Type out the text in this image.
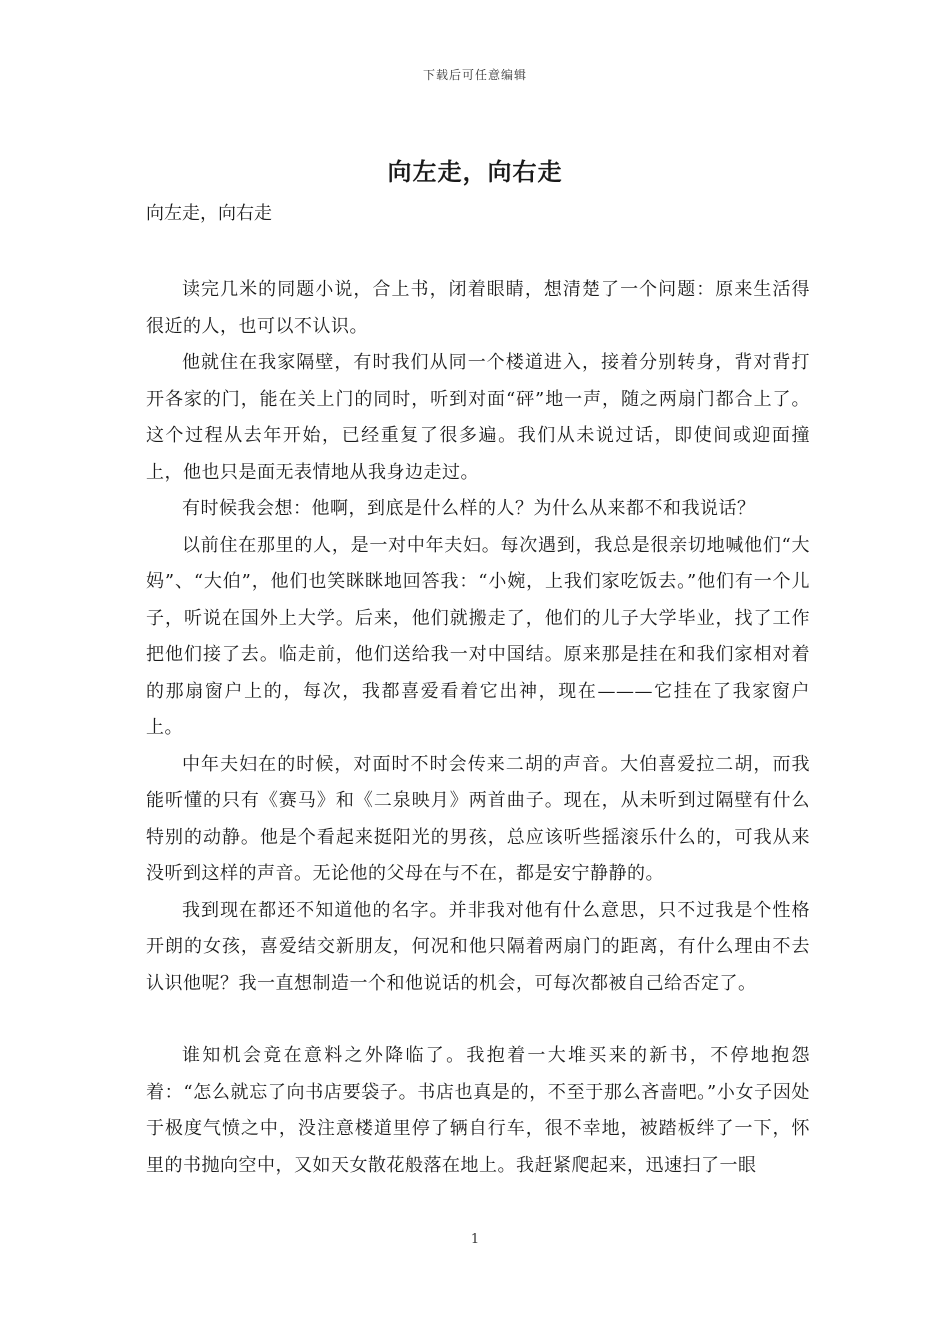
下载后可任意编辑
向左走，向右走
向左走，向右走

读完几米的同题小说，合上书，闭着眼睛，想清楚了一个问题：原来生活得很近的人，也可以不认识。

他就住在我家隔壁，有时我们从同一个楼道进入，接着分别转身，背对背打开各家的门，能在关上门的同时，听到对面“砰”地一声，随之两扇门都合上了。这个过程从去年开始，已经重复了很多遍。我们从未说过话，即使间或迎面撞上，他也只是面无表情地从我身边走过。

有时候我会想：他啊，到底是什么样的人？为什么从来都不和我说话？

以前住在那里的人，是一对中年夫妇。每次遇到，我总是很亲切地喊他们“大妈”、“大伯”，他们也笑眯眯地回答我：“小婉，上我们家吃饭去。”他们有一个儿子，听说在国外上大学。后来，他们就搬走了，他们的儿子大学毕业，找了工作把他们接了去。临走前，他们送给我一对中国结。原来那是挂在和我们家相对着的那扇窗户上的，每次，我都喜爱看着它出神，现在———它挂在了我家窗户上。

中年夫妇在的时候，对面时不时会传来二胡的声音。大伯喜爱拉二胡，而我能听懂的只有《赛马》和《二泉映月》两首曲子。现在，从未听到过隔壁有什么特别的动静。他是个看起来挺阳光的男孩，总应该听些摇滚乐什么的，可我从来没听到这样的声音。无论他的父母在与不在，都是安宁静静的。

我到现在都还不知道他的名字。并非我对他有什么意思，只不过我是个性格开朗的女孩，喜爱结交新朋友，何况和他只隔着两扇门的距离，有什么理由不去认识他呢？我一直想制造一个和他说话的机会，可每次都被自己给否定了。

谁知机会竟在意料之外降临了。我抱着一大堆买来的新书，不停地抱怨着：“怎么就忘了向书店要袋子。书店也真是的，不至于那么吝啬吧。”小女子因处于极度气愤之中，没注意楼道里停了辆自行车，很不幸地，被踏板绊了一下，怀里的书抛向空中，又如天女散花般落在地上。我赶紧爬起来，迅速扫了一眼

1
